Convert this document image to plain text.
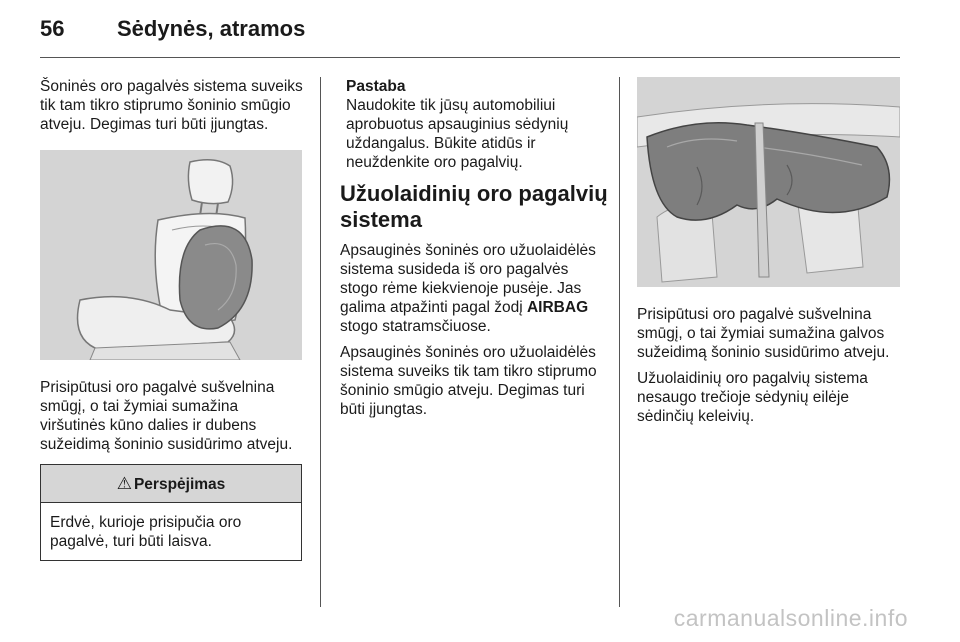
56 Sėdynės, atramos

Šoninės oro pagalvės sistema suveiks tik tam tikro stiprumo šoninio smūgio atveju. Degimas turi būti įjungtas.

Prisipūtusi oro pagalvė sušvelnina smūgį, o tai žymiai sumažina viršutinės kūno dalies ir dubens sužeidimą šoninio susidūrimo atveju.

⚠ Perspėjimas
Erdvė, kurioje prisipučia oro pagalvė, turi būti laisva.
Pastaba
Naudokite tik jūsų automobiliui aprobuotus apsauginius sėdynių uždangalus. Būkite atidūs ir neuždenkite oro pagalvių.
Užuolaidinių oro pagalvių sistema

Apsauginės šoninės oro užuolaidėlės sistema susideda iš oro pagalvės stogo rėme kiekvienoje pusėje. Jas galima atpažinti pagal žodį AIRBAG stogo statramsčiuose.

Apsauginės šoninės oro užuolaidėlės sistema suveiks tik tam tikro stiprumo šoninio smūgio atveju. Degimas turi būti įjungtas.

Prisipūtusi oro pagalvė sušvelnina smūgį, o tai žymiai sumažina galvos sužeidimą šoninio susidūrimo atveju.

Užuolaidinių oro pagalvių sistema nesaugo trečioje sėdynių eilėje sėdinčių keleivių.

carmanualsonline.info
